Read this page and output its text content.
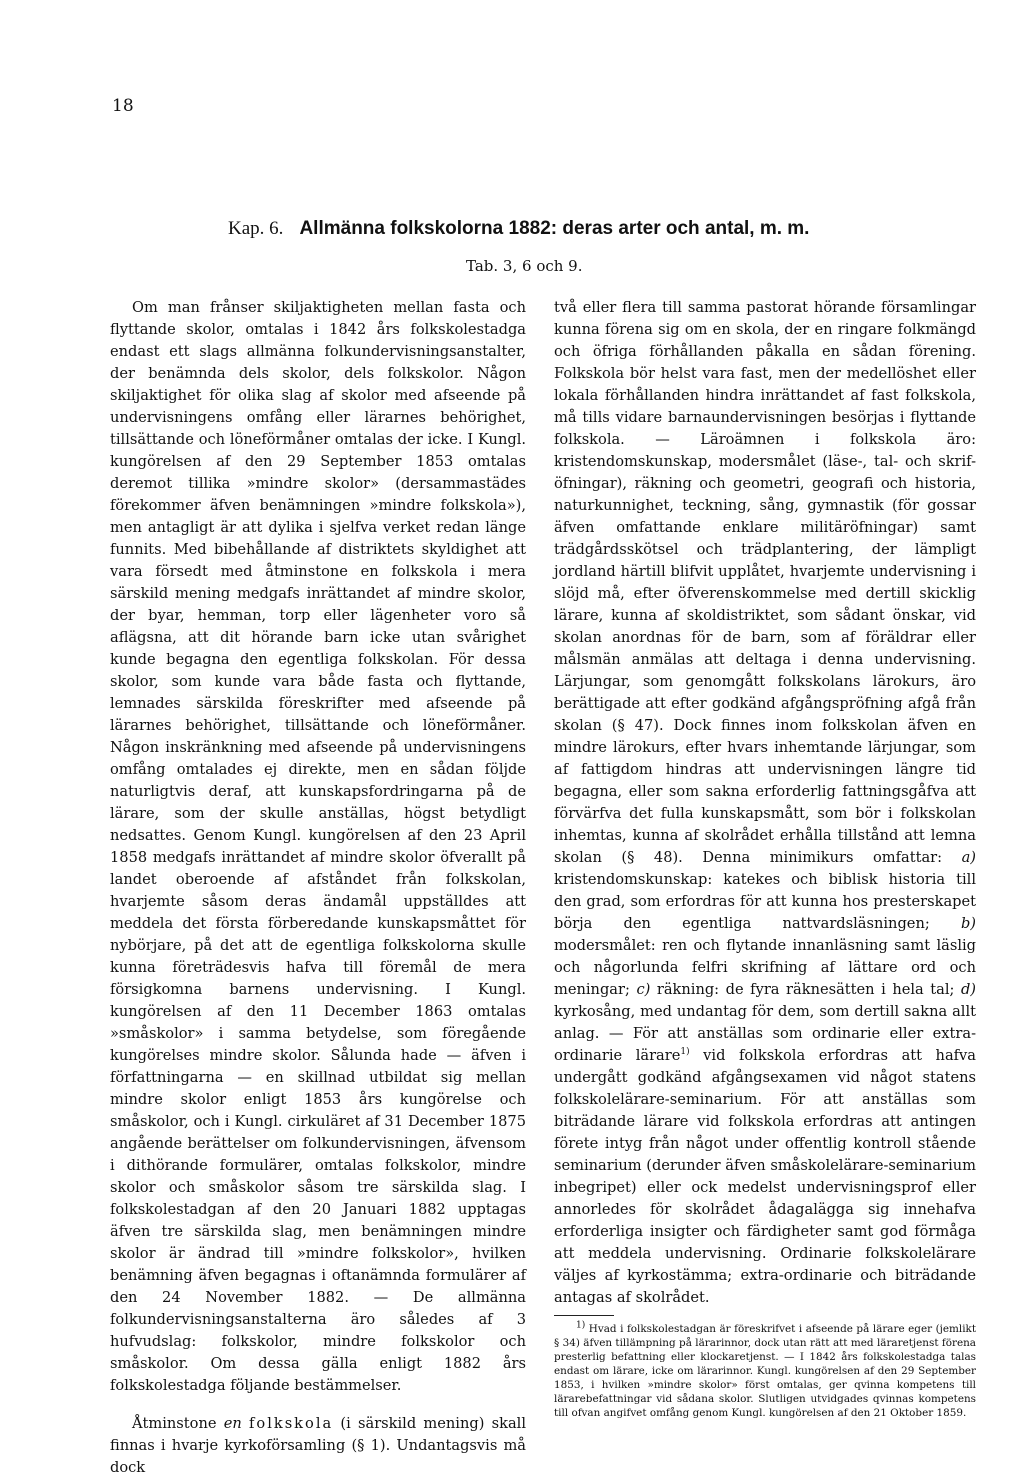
18
Kap. 6. Allmänna folkskolorna 1882: deras arter och antal, m. m.
Tab. 3, 6 och 9.

Om man frånser skiljaktigheten mellan fasta och flyttande skolor, omtalas i 1842 års folkskolestadga endast ett slags allmänna folkundervisningsanstalter, der benämnda dels skolor, dels folkskolor. Någon skiljaktighet för olika slag af skolor med afseende på undervisningens omfång eller lärarnes behörighet, tillsättande och löneförmåner omtalas der icke. I Kungl. kungörelsen af den 29 September 1853 omtalas deremot tillika »mindre skolor» (dersammastädes förekommer äfven benämningen »mindre folkskola»), men antagligt är att dylika i sjelfva verket redan länge funnits. Med bibehållande af distriktets skyldighet att vara försedt med åtminstone en folkskola i mera särskild mening medgafs inrättandet af mindre skolor, der byar, hemman, torp eller lägenheter voro så aflägsna, att dit hörande barn icke utan svårighet kunde begagna den egentliga folkskolan. För dessa skolor, som kunde vara både fasta och flyttande, lemnades särskilda föreskrifter med afseende på lärarnes behörighet, tillsättande och löneförmåner. Någon inskränkning med afseende på undervisningens omfång omtalades ej direkte, men en sådan följde naturligtvis deraf, att kunskapsfordringarna på de lärare, som der skulle anställas, högst betydligt nedsattes. Genom Kungl. kungörelsen af den 23 April 1858 medgafs inrättandet af mindre skolor öfverallt på landet oberoende af afståndet från folkskolan, hvarjemte såsom deras ändamål uppställdes att meddela det första förberedande kunskapsmåttet för nybörjare, på det att de egentliga folkskolorna skulle kunna företrädesvis hafva till föremål de mera försigkomna barnens undervisning. I Kungl. kungörelsen af den 11 December 1863 omtalas »småskolor» i samma betydelse, som föregående kungörelses mindre skolor. Sålunda hade — äfven i författningarna — en skillnad utbildat sig mellan mindre skolor enligt 1853 års kungörelse och småskolor, och i Kungl. cirkuläret af 31 December 1875 angående berättelser om folkundervisningen, äfvensom i dithörande formulärer, omtalas folkskolor, mindre skolor och småskolor såsom tre särskilda slag. I folkskolestadgan af den 20 Januari 1882 upptagas äfven tre särskilda slag, men benämningen mindre skolor är ändrad till »mindre folkskolor», hvilken benämning äfven begagnas i oftanämnda formulärer af den 24 November 1882. — De allmänna folkundervisningsanstalterna äro således af 3 hufvudslag: folkskolor, mindre folkskolor och småskolor. Om dessa gälla enligt 1882 års folkskolestadga följande bestämmelser.

Åtminstone en folkskola (i särskild mening) skall finnas i hvarje kyrkoförsamling (§ 1). Undantagsvis må dock

två eller flera till samma pastorat hörande församlingar kunna förena sig om en skola, der en ringare folkmängd och öfriga förhållanden påkalla en sådan förening. Folkskola bör helst vara fast, men der medellöshet eller lokala förhållanden hindra inrättandet af fast folkskola, må tills vidare barnaundervisningen besörjas i flyttande folkskola. — Läroämnen i folkskola äro: kristendomskunskap, modersmålet (läse-, tal- och skrif-öfningar), räkning och geometri, geografi och historia, naturkunnighet, teckning, sång, gymnastik (för gossar äfven omfattande enklare militäröfningar) samt trädgårdsskötsel och trädplantering, der lämpligt jordland härtill blifvit upplåtet, hvarjemte undervisning i slöjd må, efter öfverenskommelse med dertill skicklig lärare, kunna af skoldistriktet, som sådant önskar, vid skolan anordnas för de barn, som af föräldrar eller målsmän anmälas att deltaga i denna undervisning. Lärjungar, som genomgått folkskolans lärokurs, äro berättigade att efter godkänd afgångspröfning afgå från skolan (§ 47). Dock finnes inom folkskolan äfven en mindre lärokurs, efter hvars inhemtande lärjungar, som af fattigdom hindras att undervisningen längre tid begagna, eller som sakna erforderlig fattningsgåfva att förvärfva det fulla kunskapsmått, som bör i folkskolan inhemtas, kunna af skolrådet erhålla tillstånd att lemna skolan (§ 48). Denna minimikurs omfattar: a) kristendomskunskap: katekes och biblisk historia till den grad, som erfordras för att kunna hos presterskapet börja den egentliga nattvardsläsningen; b) modersmålet: ren och flytande innanläsning samt läslig och någorlunda felfri skrifning af lättare ord och meningar; c) räkning: de fyra räknesätten i hela tal; d) kyrkosång, med undantag för dem, som dertill sakna allt anlag. — För att anställas som ordinarie eller extra-ordinarie lärare$^{1)}$ vid folkskola erfordras att hafva undergått godkänd afgångsexamen vid något statens folkskolelärare-seminarium. För att anställas som biträdande lärare vid folkskola erfordras att antingen förete intyg från något under offentlig kontroll stående seminarium (derunder äfven småskolelärare-seminarium inbegripet) eller ock medelst undervisningsprof eller annorledes för skolrådet ådagalägga sig innehafva erforderliga insigter och färdigheter samt god förmåga att meddela undervisning. Ordinarie folkskolelärare väljes af kyrkostämma; extra-ordinarie och biträdande antagas af skolrådet.

$^{1)}$ Hvad i folkskolestadgan är föreskrifvet i afseende på lärare eger (jemlikt § 34) äfven tillämpning på lärarinnor, dock utan rätt att med läraretjenst förena presterlig befattning eller klockaretjenst. — I 1842 års folkskolestadga talas endast om lärare, icke om lärarinnor. Kungl. kungörelsen af den 29 September 1853, i hvilken »mindre skolor» först omtalas, ger qvinna kompetens till lärarebefattningar vid sådana skolor. Slutligen utvidgades qvinnas kompetens till ofvan angifvet omfång genom Kungl. kungörelsen af den 21 Oktober 1859.
